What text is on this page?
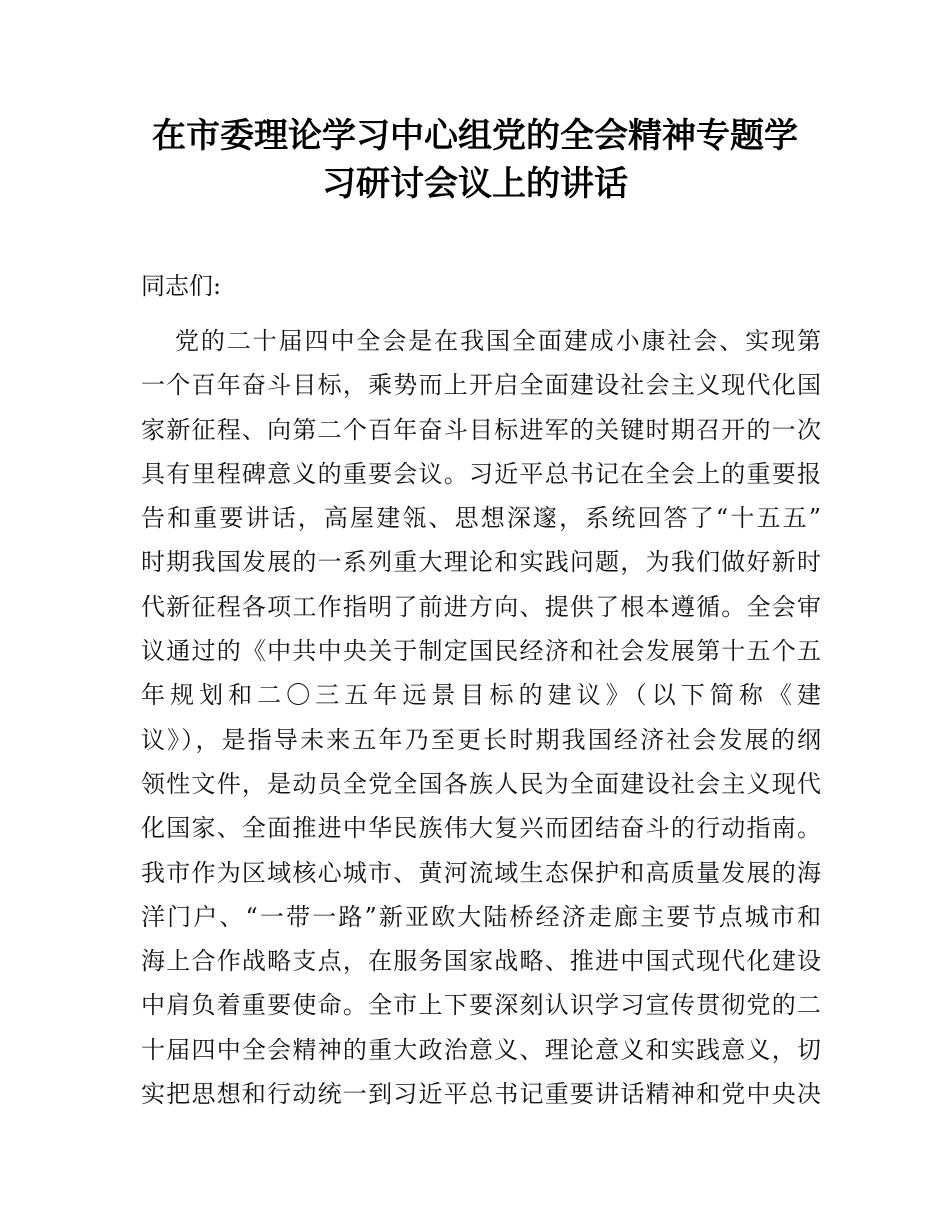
在市委理论学习中心组党的全会精神专题学
习研讨会议上的讲话

同志们:

党的二十届四中全会是在我国全面建成小康社会、实现第
一个百年奋斗目标，乘势而上开启全面建设社会主义现代化国
家新征程、向第二个百年奋斗目标进军的关键时期召开的一次
具有里程碑意义的重要会议。习近平总书记在全会上的重要报
告和重要讲话，高屋建瓴、思想深邃，系统回答了“十五五”
时期我国发展的一系列重大理论和实践问题，为我们做好新时
代新征程各项工作指明了前进方向、提供了根本遵循。全会审
议通过的《中共中央关于制定国民经济和社会发展第十五个五
年规划和二〇三五年远景目标的建议》（以下简称《建
议》），是指导未来五年乃至更长时期我国经济社会发展的纲
领性文件，是动员全党全国各族人民为全面建设社会主义现代
化国家、全面推进中华民族伟大复兴而团结奋斗的行动指南。
我市作为区域核心城市、黄河流域生态保护和高质量发展的海
洋门户、“一带一路”新亚欧大陆桥经济走廊主要节点城市和
海上合作战略支点，在服务国家战略、推进中国式现代化建设
中肩负着重要使命。全市上下要深刻认识学习宣传贯彻党的二
十届四中全会精神的重大政治意义、理论意义和实践意义，切
实把思想和行动统一到习近平总书记重要讲话精神和党中央决
